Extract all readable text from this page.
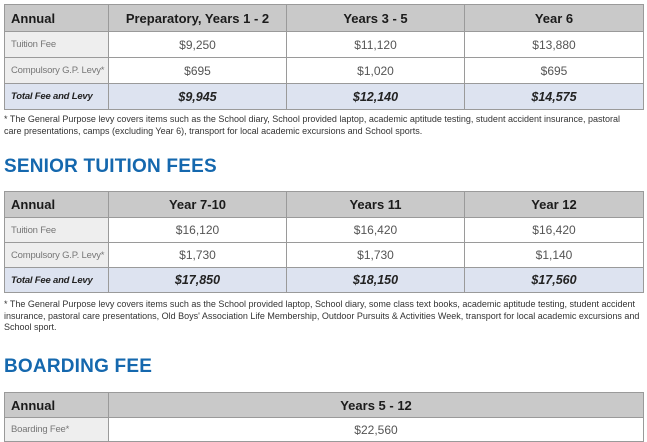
Annual	Preparatory, Years 1 - 2	Years 3 - 5	Year 6
Tuition Fee	$9,250	$11,120	$13,880
Compulsory G.P. Levy*	$695	$1,020	$695
Total Fee and Levy	$9,945	$12,140	$14,575
* The General Purpose levy covers items such as the School diary, School provided laptop, academic aptitude testing, student accident insurance, pastoral care presentations, camps (excluding Year 6), transport for local academic excursions and School sports.
SENIOR TUITION FEES
Annual	Year 7-10	Years 11	Year 12
Tuition Fee	$16,120	$16,420	$16,420
Compulsory G.P. Levy*	$1,730	$1,730	$1,140
Total Fee and Levy	$17,850	$18,150	$17,560
* The General Purpose levy covers items such as the School provided laptop, School diary, some class text books, academic aptitude testing, student accident insurance, pastoral care presentations, Old Boys' Association Life Membership, Outdoor Pursuits & Activities Week, transport for local academic excursions and School sport.
BOARDING FEE
Annual	Years 5 - 12
Boarding Fee*	$22,560
